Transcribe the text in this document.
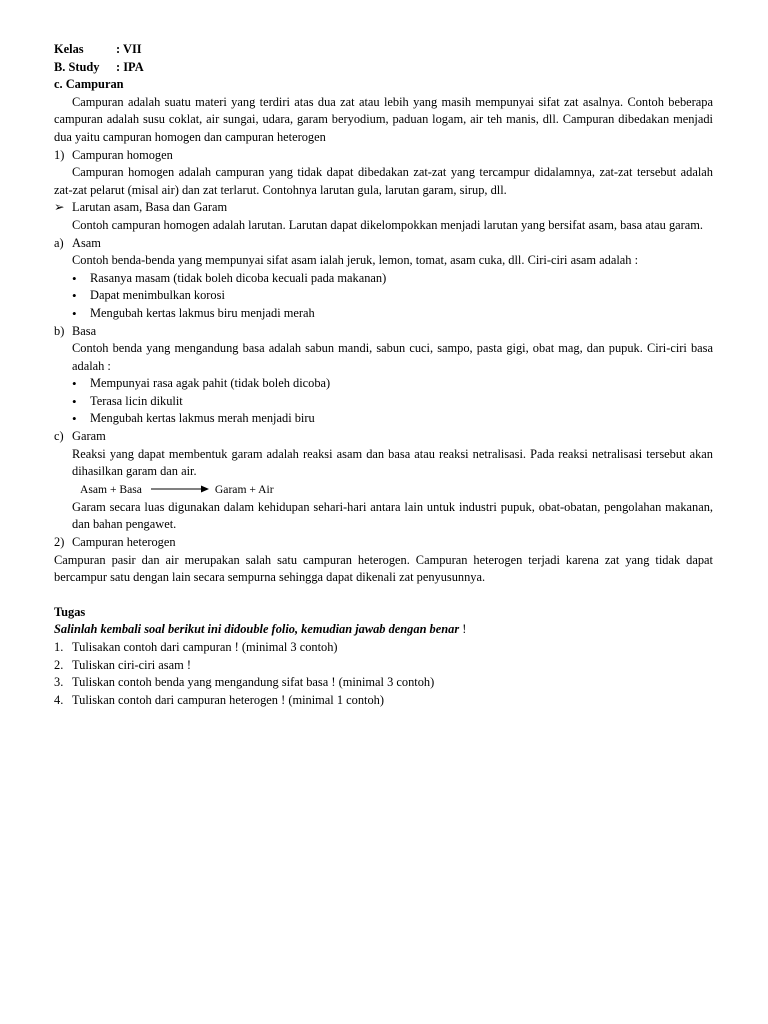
Kelas	: VII
B. Study	: IPA

c. Campuran

Campuran adalah suatu materi yang terdiri atas dua zat atau lebih yang masih mempunyai sifat zat asalnya. Contoh beberapa campuran adalah susu coklat, air sungai, udara, garam beryodium, paduan logam, air teh manis, dll. Campuran dibedakan menjadi dua yaitu campuran homogen dan campuran heterogen

1) Campuran homogen

Campuran homogen adalah campuran yang tidak dapat dibedakan zat-zat yang tercampur didalamnya, zat-zat tersebut adalah zat-zat pelarut (misal air) dan zat terlarut. Contohnya larutan gula, larutan garam, sirup, dll.

➢ Larutan asam, Basa dan Garam

Contoh campuran homogen adalah larutan. Larutan dapat dikelompokkan menjadi larutan yang bersifat asam, basa atau garam.

a) Asam

Contoh benda-benda yang mempunyai sifat asam ialah jeruk, lemon, tomat, asam cuka, dll. Ciri-ciri asam adalah :

•	Rasanya masam (tidak boleh dicoba kecuali pada makanan)
•	Dapat menimbulkan korosi
•	Mengubah kertas lakmus biru menjadi merah
b) Basa

Contoh benda yang mengandung basa adalah sabun mandi, sabun cuci, sampo, pasta gigi, obat mag, dan pupuk. Ciri-ciri basa adalah :

•	Mempunyai rasa agak pahit (tidak boleh dicoba)
•	Terasa licin dikulit
•	Mengubah kertas lakmus merah menjadi biru
c) Garam

Reaksi yang dapat membentuk garam adalah reaksi asam dan basa atau reaksi netralisasi. Pada reaksi netralisasi tersebut akan dihasilkan garam dan air.

Asam + Basa	Garam + Air

Garam secara luas digunakan dalam kehidupan sehari-hari antara lain untuk industri pupuk, obat-obatan, pengolahan makanan, dan bahan pengawet.

2) Campuran heterogen

Campuran pasir dan air merupakan salah satu campuran heterogen. Campuran heterogen terjadi karena zat yang tidak dapat bercampur satu dengan lain secara sempurna sehingga dapat dikenali zat penyusunnya.

Tugas

Salinlah kembali soal berikut ini didouble folio, kemudian jawab dengan benar !

1. Tulisakan contoh dari campuran ! (minimal 3 contoh)
2. Tuliskan ciri-ciri asam !
3. Tuliskan contoh benda yang mengandung sifat basa ! (minimal 3 contoh)
4. Tuliskan contoh dari campuran heterogen ! (minimal 1 contoh)
